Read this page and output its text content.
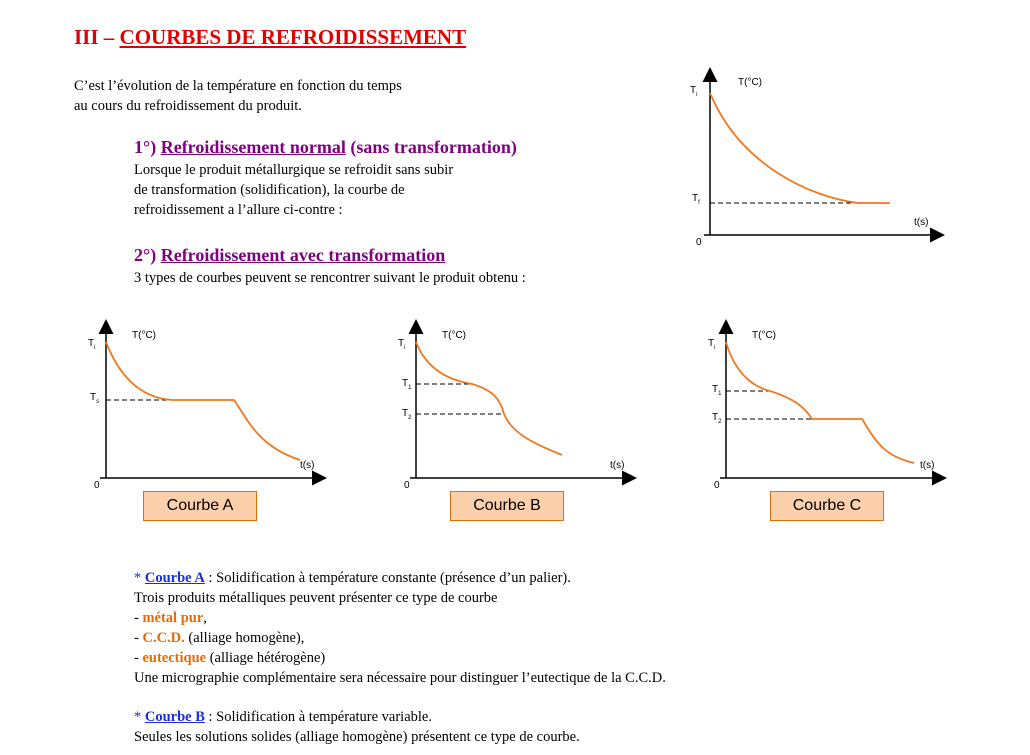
III – COURBES DE REFROIDISSEMENT
C’est l’évolution de la température en fonction du temps
au cours du refroidissement du produit.
1°) Refroidissement normal (sans transformation)
Lorsque le produit métallurgique se refroidit sans subir
de transformation (solidification), la courbe de
refroidissement a l’allure ci-contre :
2°) Refroidissement avec transformation
3 types de courbes peuvent se rencontrer suivant le produit obtenu :
T(°C)
t(s)
0
$T_i$
$T_f$
T(°C)
t(s)
0
$T_i$
$T_s$
T(°C)
t(s)
0
$T_i$
$T_1$
$T_2$
T(°C)
t(s)
0
$T_i$
$T_1$
$T_2$
Courbe A	Courbe B	Courbe C
* Courbe A : Solidification à température constante (présence d’un palier).
Trois produits métalliques peuvent présenter ce type de courbe
- métal pur,
- C.C.D. (alliage homogène),
- eutectique (alliage hétérogène)
Une micrographie complémentaire sera nécessaire pour distinguer l’eutectique de la C.C.D.
* Courbe B : Solidification à température variable.
Seules les solutions solides (alliage homogène) présentent ce type de courbe.
